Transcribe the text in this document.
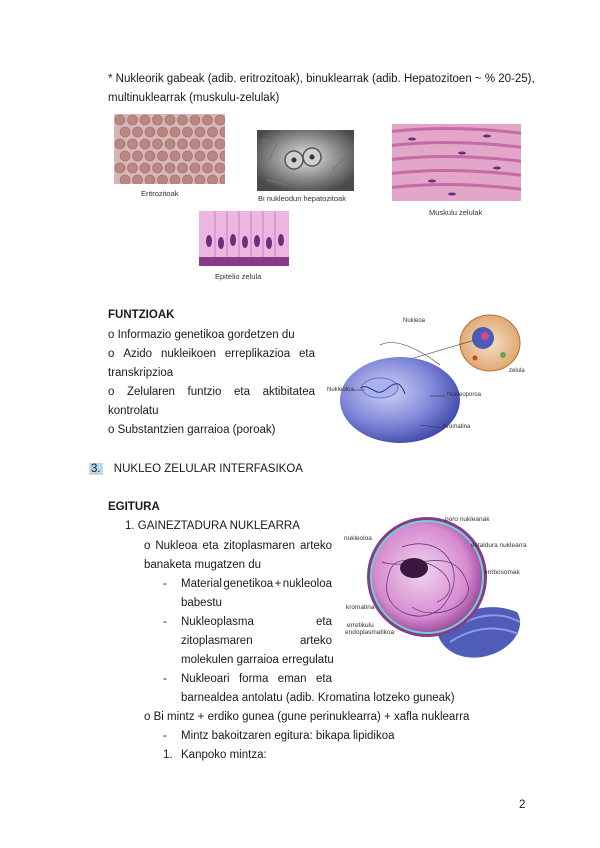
* Nukleorik gabeak (adib. eritrozitoak), binuklearrak (adib. Hepatozitoen ~ % 20-25),
multinuklearrak (muskulu-zelulak)
Eritrozitoak
Bi nukleodun hepatozitoak
Muskulu zelulak
Epitelio zelula
FUNTZIOAK
o Informazio genetikoa gordetzen du
o Azido nukleikoen erreplikazioa eta
transkripzioa
o Zelularen funtzio eta aktibitatea
kontrolatu
o Substantzien garraioa (poroak)
Nukleoa
zelula
Nukleoloa
Nukleoporoa
Kromatina
3. NUKLEO ZELULAR INTERFASIKOA
EGITURA
1. GAINEZTADURA NUKLEARRA
o Nukleoa eta zitoplasmaren arteko
banaketa mugatzen du
- Material genetikoa + nukleoloa
babestu
- Nukleoplasma	eta
zitoplasmaren	arteko
molekulen garraioa erregulatu
- Nukleoari forma eman eta
barnealdea antolatu (adib. Kromatina lotzeko guneak)
o Bi mintz + erdiko gunea (gune perinuklearra) + xafla nuklearra
- Mintz bakoitzaren egitura: bikapa lipidikoa
1. Kanpoko mintza:
poro nukleanak
nukleoloa
estaldura nuklearra
erribosomak
kromatina
erretikulu
endoplasmatikoa
2
